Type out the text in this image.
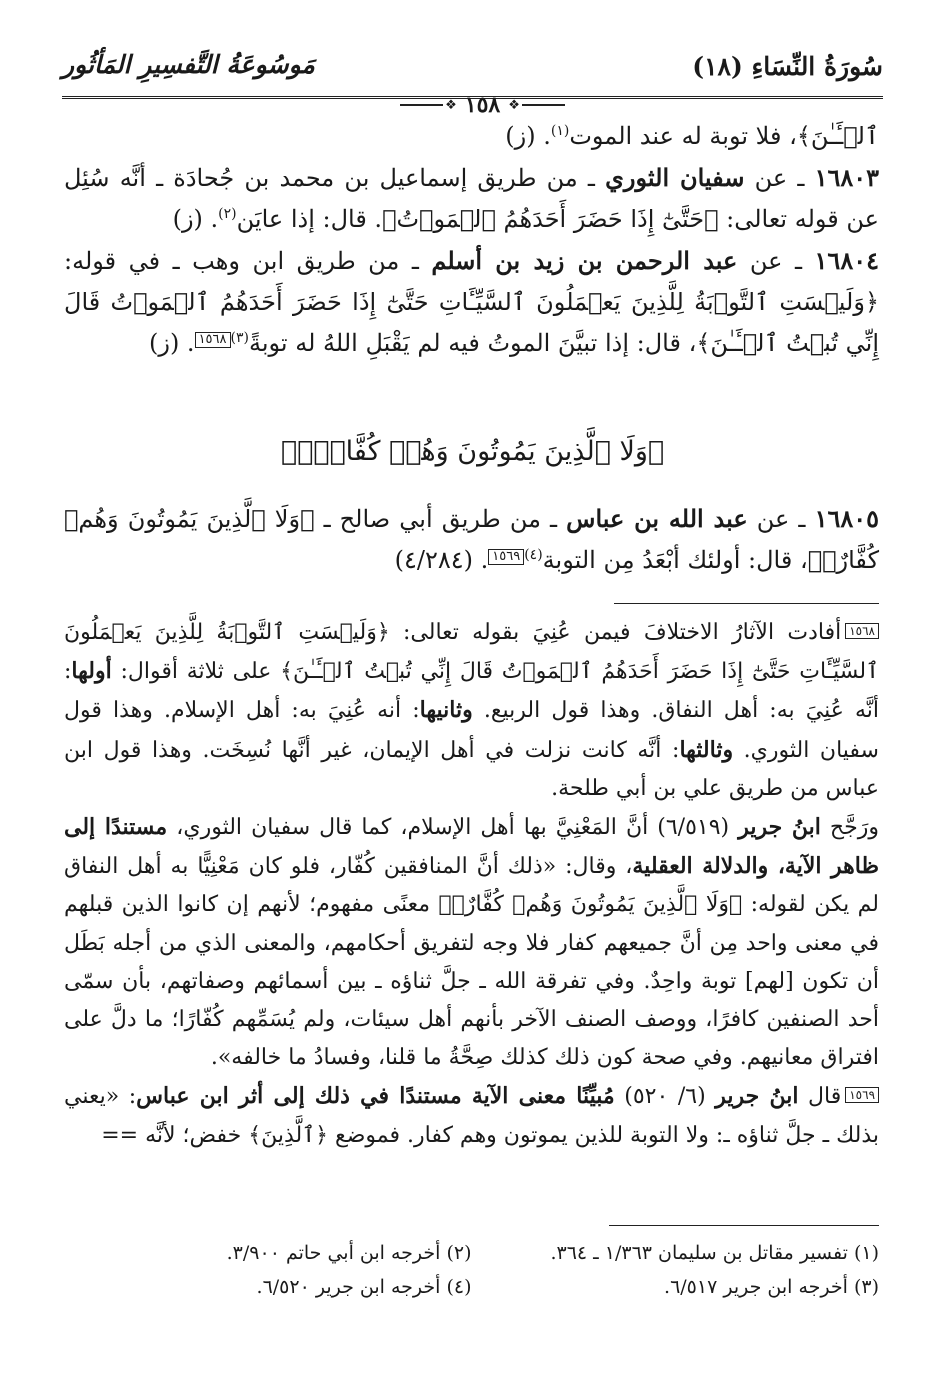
سُورَةُ النِّسَاءِ (١٨)
مَوسُوعَةُ التَّفسِيرِ المَأثُور
❖ ١٥٨ ❖

ٱلۡـَٔـٰنَ﴾، فلا توبة له عند الموت$^{(١)}$. (ز)

١٦٨٠٣ ـ عن سفيان الثوري ـ من طريق إسماعيل بن محمد بن جُحادَة ـ أنَّه سُئِل عن قوله تعالى: ﴿حَتَّىٰٓ إِذَا حَضَرَ أَحَدَهُمُ ٱلۡمَوۡتُ﴾. قال: إذا عايَن$^{(٢)}$. (ز)

١٦٨٠٤ ـ عن عبد الرحمن بن زيد بن أسلم ـ من طريق ابن وهب ـ في قوله: ﴿وَلَيۡسَتِ ٱلتَّوۡبَةُ لِلَّذِينَ يَعۡمَلُونَ ٱلسَّيِّـَٔاتِ حَتَّىٰٓ إِذَا حَضَرَ أَحَدَهُمُ ٱلۡمَوۡتُ قَالَ إِنِّي تُبۡتُ ٱلۡـَٔـٰنَ﴾، قال: إذا تبيَّنَ الموتُ فيه لم يَقْبَلِ اللهُ له توبةً$^{(٣)}$١٥٦٨. (ز)

﴿وَلَا ٱلَّذِينَ يَمُوتُونَ وَهُمۡ كُفَّارٌۚ﴾

١٦٨٠٥ ـ عن عبد الله بن عباس ـ من طريق أبي صالح ـ ﴿وَلَا ٱلَّذِينَ يَمُوتُونَ وَهُمۡ كُفَّارٌۚ﴾، قال: أولئك أبْعَدُ مِن التوبة$^{(٤)}$١٥٦٩. (٤/٢٨٤)

١٥٦٨أفادت الآثارُ الاختلافَ فيمن عُنِيَ بقوله تعالى: ﴿وَلَيۡسَتِ ٱلتَّوۡبَةُ لِلَّذِينَ يَعۡمَلُونَ ٱلسَّيِّـَٔاتِ حَتَّىٰٓ إِذَا حَضَرَ أَحَدَهُمُ ٱلۡمَوۡتُ قَالَ إِنِّي تُبۡتُ ٱلۡـَٔـٰنَ﴾ على ثلاثة أقوال: أولها: أنَّه عُنِيَ به: أهل النفاق. وهذا قول الربيع. وثانيها: أنه عُنِيَ به: أهل الإسلام. وهذا قول سفيان الثوري. وثالثها: أنَّه كانت نزلت في أهل الإيمان، غير أنَّها نُسِخَت. وهذا قول ابن عباس من طريق علي بن أبي طلحة.

ورَجَّح ابنُ جرير (٦/٥١٩) أنَّ المَعْنِيَّ بها أهل الإسلام، كما قال سفيان الثوري، مستندًا إلى ظاهر الآية، والدلالة العقلية، وقال: «ذلك أنَّ المنافقين كُفّار، فلو كان مَعْنِيًّا به أهل النفاق لم يكن لقوله: ﴿وَلَا ٱلَّذِينَ يَمُوتُونَ وَهُمۡ كُفَّارٌۚ﴾ معنًى مفهوم؛ لأنهم إن كانوا الذين قبلهم في معنى واحد مِن أنَّ جميعهم كفار فلا وجه لتفريق أحكامهم، والمعنى الذي من أجله بَطَل أن تكون [لهم] توبة واحِدٌ. وفي تفرقة الله ـ جلَّ ثناؤه ـ بين أسمائهم وصفاتهم، بأن سمّى أحد الصنفين كافرًا، ووصف الصنف الآخر بأنهم أهل سيئات، ولم يُسَمِّهم كُفّارًا؛ ما دلَّ على افتراق معانيهم. وفي صحة كون ذلك كذلك صِحَّةُ ما قلنا، وفسادُ ما خالفه».

١٥٦٩قال ابنُ جرير (٦/ ٥٢٠) مُبيِّنًا معنى الآية مستندًا في ذلك إلى أثر ابن عباس: «يعني بذلك ـ جلَّ ثناؤه ـ: ولا التوبة للذين يموتون وهم كفار. فموضع ﴿ٱلَّذِينَ﴾ خفض؛ لأنَّه ==

(١) تفسير مقاتل بن سليمان ١/٣٦٣ ـ ٣٦٤.
(٢) أخرجه ابن أبي حاتم ٣/٩٠٠.
(٣) أخرجه ابن جرير ٦/٥١٧.
(٤) أخرجه ابن جرير ٦/٥٢٠.
